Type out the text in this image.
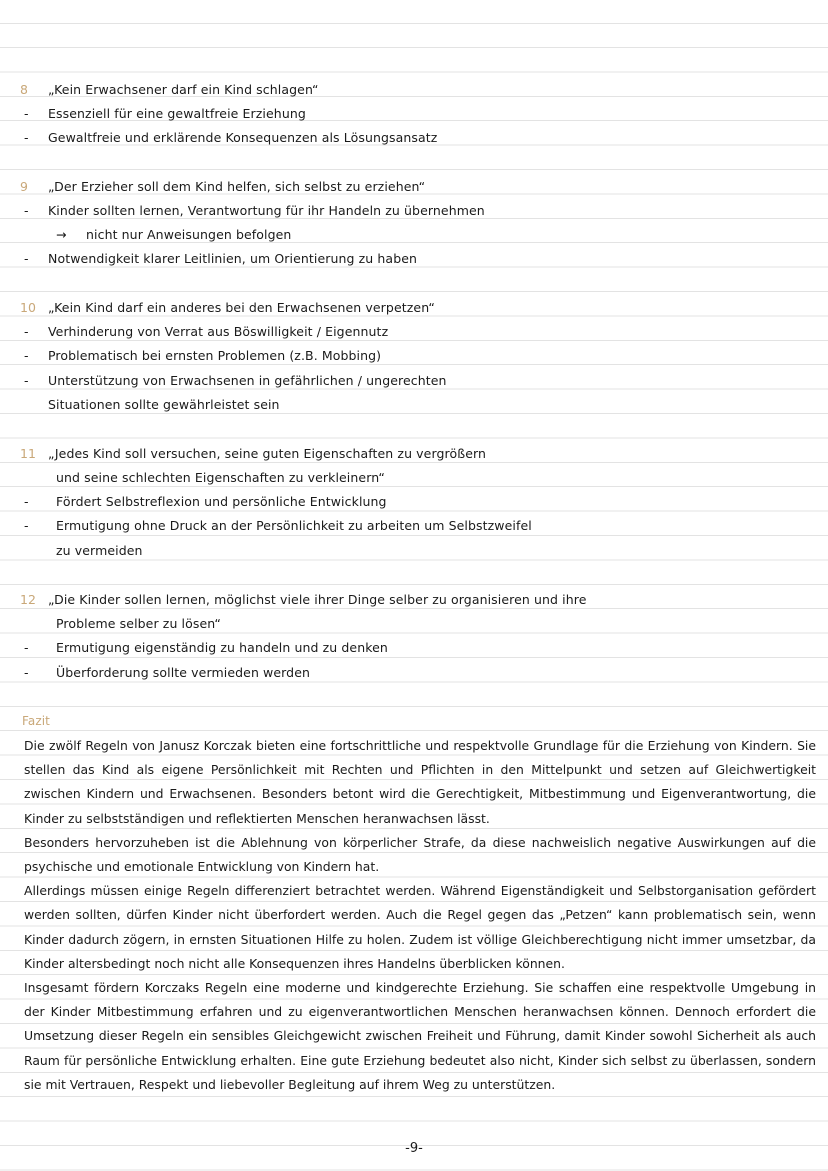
8 „Kein Erwachsener darf ein Kind schlagen“
- Essenziell für eine gewaltfreie Erziehung
- Gewaltfreie und erklärende Konsequenzen als Lösungsansatz
9 „Der Erzieher soll dem Kind helfen, sich selbst zu erziehen“
- Kinder sollten lernen, Verantwortung für ihr Handeln zu übernehmen
→ nicht nur Anweisungen befolgen
- Notwendigkeit klarer Leitlinien, um Orientierung zu haben
10 „Kein Kind darf ein anderes bei den Erwachsenen verpetzen“
- Verhinderung von Verrat aus Böswilligkeit / Eigennutz
- Problematisch bei ernsten Problemen (z.B. Mobbing)
- Unterstützung von Erwachsenen in gefährlichen / ungerechten
Situationen sollte gewährleistet sein
11 „Jedes Kind soll versuchen, seine guten Eigenschaften zu vergrößern
und seine schlechten Eigenschaften zu verkleinern“
- Fördert Selbstreflexion und persönliche Entwicklung
- Ermutigung ohne Druck an der Persönlichkeit zu arbeiten um Selbstzweifel
zu vermeiden
12 „Die Kinder sollen lernen, möglichst viele ihrer Dinge selber zu organisieren und ihre
Probleme selber zu lösen“
- Ermutigung eigenständig zu handeln und zu denken
- Überforderung sollte vermieden werden
Fazit

Die zwölf Regeln von Janusz Korczak bieten eine fortschrittliche und respektvolle Grundlage für die Erziehung von Kindern. Sie stellen das Kind als eigene Persönlichkeit mit Rechten und Pflichten in den Mittelpunkt und setzen auf Gleichwertigkeit zwischen Kindern und Erwachsenen. Besonders betont wird die Gerechtigkeit, Mitbestimmung und Eigenverantwortung, die Kinder zu selbstständigen und reflektierten Menschen heranwachsen lässt.

Besonders hervorzuheben ist die Ablehnung von körperlicher Strafe, da diese nachweislich negative Auswirkungen auf die psychische und emotionale Entwicklung von Kindern hat.

Allerdings müssen einige Regeln differenziert betrachtet werden. Während Eigenständigkeit und Selbstorganisation gefördert werden sollten, dürfen Kinder nicht überfordert werden. Auch die Regel gegen das „Petzen“ kann problematisch sein, wenn Kinder dadurch zögern, in ernsten Situationen Hilfe zu holen. Zudem ist völlige Gleichberechtigung nicht immer umsetzbar, da Kinder altersbedingt noch nicht alle Konsequenzen ihres Handelns überblicken können.

Insgesamt fördern Korczaks Regeln eine moderne und kindgerechte Erziehung. Sie schaffen eine respektvolle Umgebung in der Kinder Mitbestimmung erfahren und zu eigenverantwortlichen Menschen heranwachsen können. Dennoch erfordert die Umsetzung dieser Regeln ein sensibles Gleichgewicht zwischen Freiheit und Führung, damit Kinder sowohl Sicherheit als auch Raum für persönliche Entwicklung erhalten. Eine gute Erziehung bedeutet also nicht, Kinder sich selbst zu überlassen, sondern sie mit Vertrauen, Respekt und liebevoller Begleitung auf ihrem Weg zu unterstützen.

-9-
